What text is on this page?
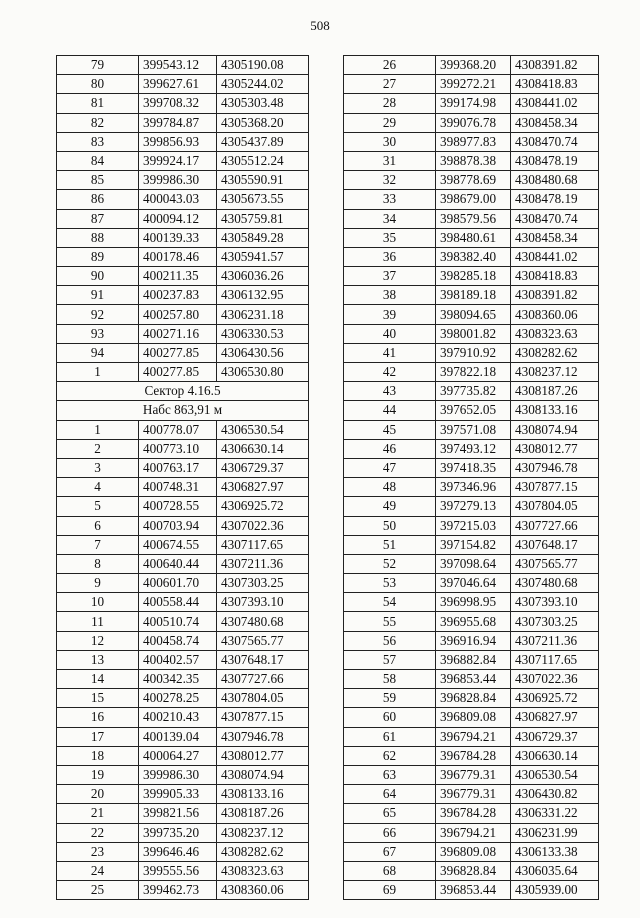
508
79	399543.12	4305190.08
80	399627.61	4305244.02
81	399708.32	4305303.48
82	399784.87	4305368.20
83	399856.93	4305437.89
84	399924.17	4305512.24
85	399986.30	4305590.91
86	400043.03	4305673.55
87	400094.12	4305759.81
88	400139.33	4305849.28
89	400178.46	4305941.57
90	400211.35	4306036.26
91	400237.83	4306132.95
92	400257.80	4306231.18
93	400271.16	4306330.53
94	400277.85	4306430.56
1	400277.85	4306530.80
Сектор 4.16.5		
Набс 863,91 м		
1	400778.07	4306530.54
2	400773.10	4306630.14
3	400763.17	4306729.37
4	400748.31	4306827.97
5	400728.55	4306925.72
6	400703.94	4307022.36
7	400674.55	4307117.65
8	400640.44	4307211.36
9	400601.70	4307303.25
10	400558.44	4307393.10
11	400510.74	4307480.68
12	400458.74	4307565.77
13	400402.57	4307648.17
14	400342.35	4307727.66
15	400278.25	4307804.05
16	400210.43	4307877.15
17	400139.04	4307946.78
18	400064.27	4308012.77
19	399986.30	4308074.94
20	399905.33	4308133.16
21	399821.56	4308187.26
22	399735.20	4308237.12
23	399646.46	4308282.62
24	399555.56	4308323.63
25	399462.73	4308360.06
26	399368.20	4308391.82
27	399272.21	4308418.83
28	399174.98	4308441.02
29	399076.78	4308458.34
30	398977.83	4308470.74
31	398878.38	4308478.19
32	398778.69	4308480.68
33	398679.00	4308478.19
34	398579.56	4308470.74
35	398480.61	4308458.34
36	398382.40	4308441.02
37	398285.18	4308418.83
38	398189.18	4308391.82
39	398094.65	4308360.06
40	398001.82	4308323.63
41	397910.92	4308282.62
42	397822.18	4308237.12
43	397735.82	4308187.26
44	397652.05	4308133.16
45	397571.08	4308074.94
46	397493.12	4308012.77
47	397418.35	4307946.78
48	397346.96	4307877.15
49	397279.13	4307804.05
50	397215.03	4307727.66
51	397154.82	4307648.17
52	397098.64	4307565.77
53	397046.64	4307480.68
54	396998.95	4307393.10
55	396955.68	4307303.25
56	396916.94	4307211.36
57	396882.84	4307117.65
58	396853.44	4307022.36
59	396828.84	4306925.72
60	396809.08	4306827.97
61	396794.21	4306729.37
62	396784.28	4306630.14
63	396779.31	4306530.54
64	396779.31	4306430.82
65	396784.28	4306331.22
66	396794.21	4306231.99
67	396809.08	4306133.38
68	396828.84	4306035.64
69	396853.44	4305939.00
